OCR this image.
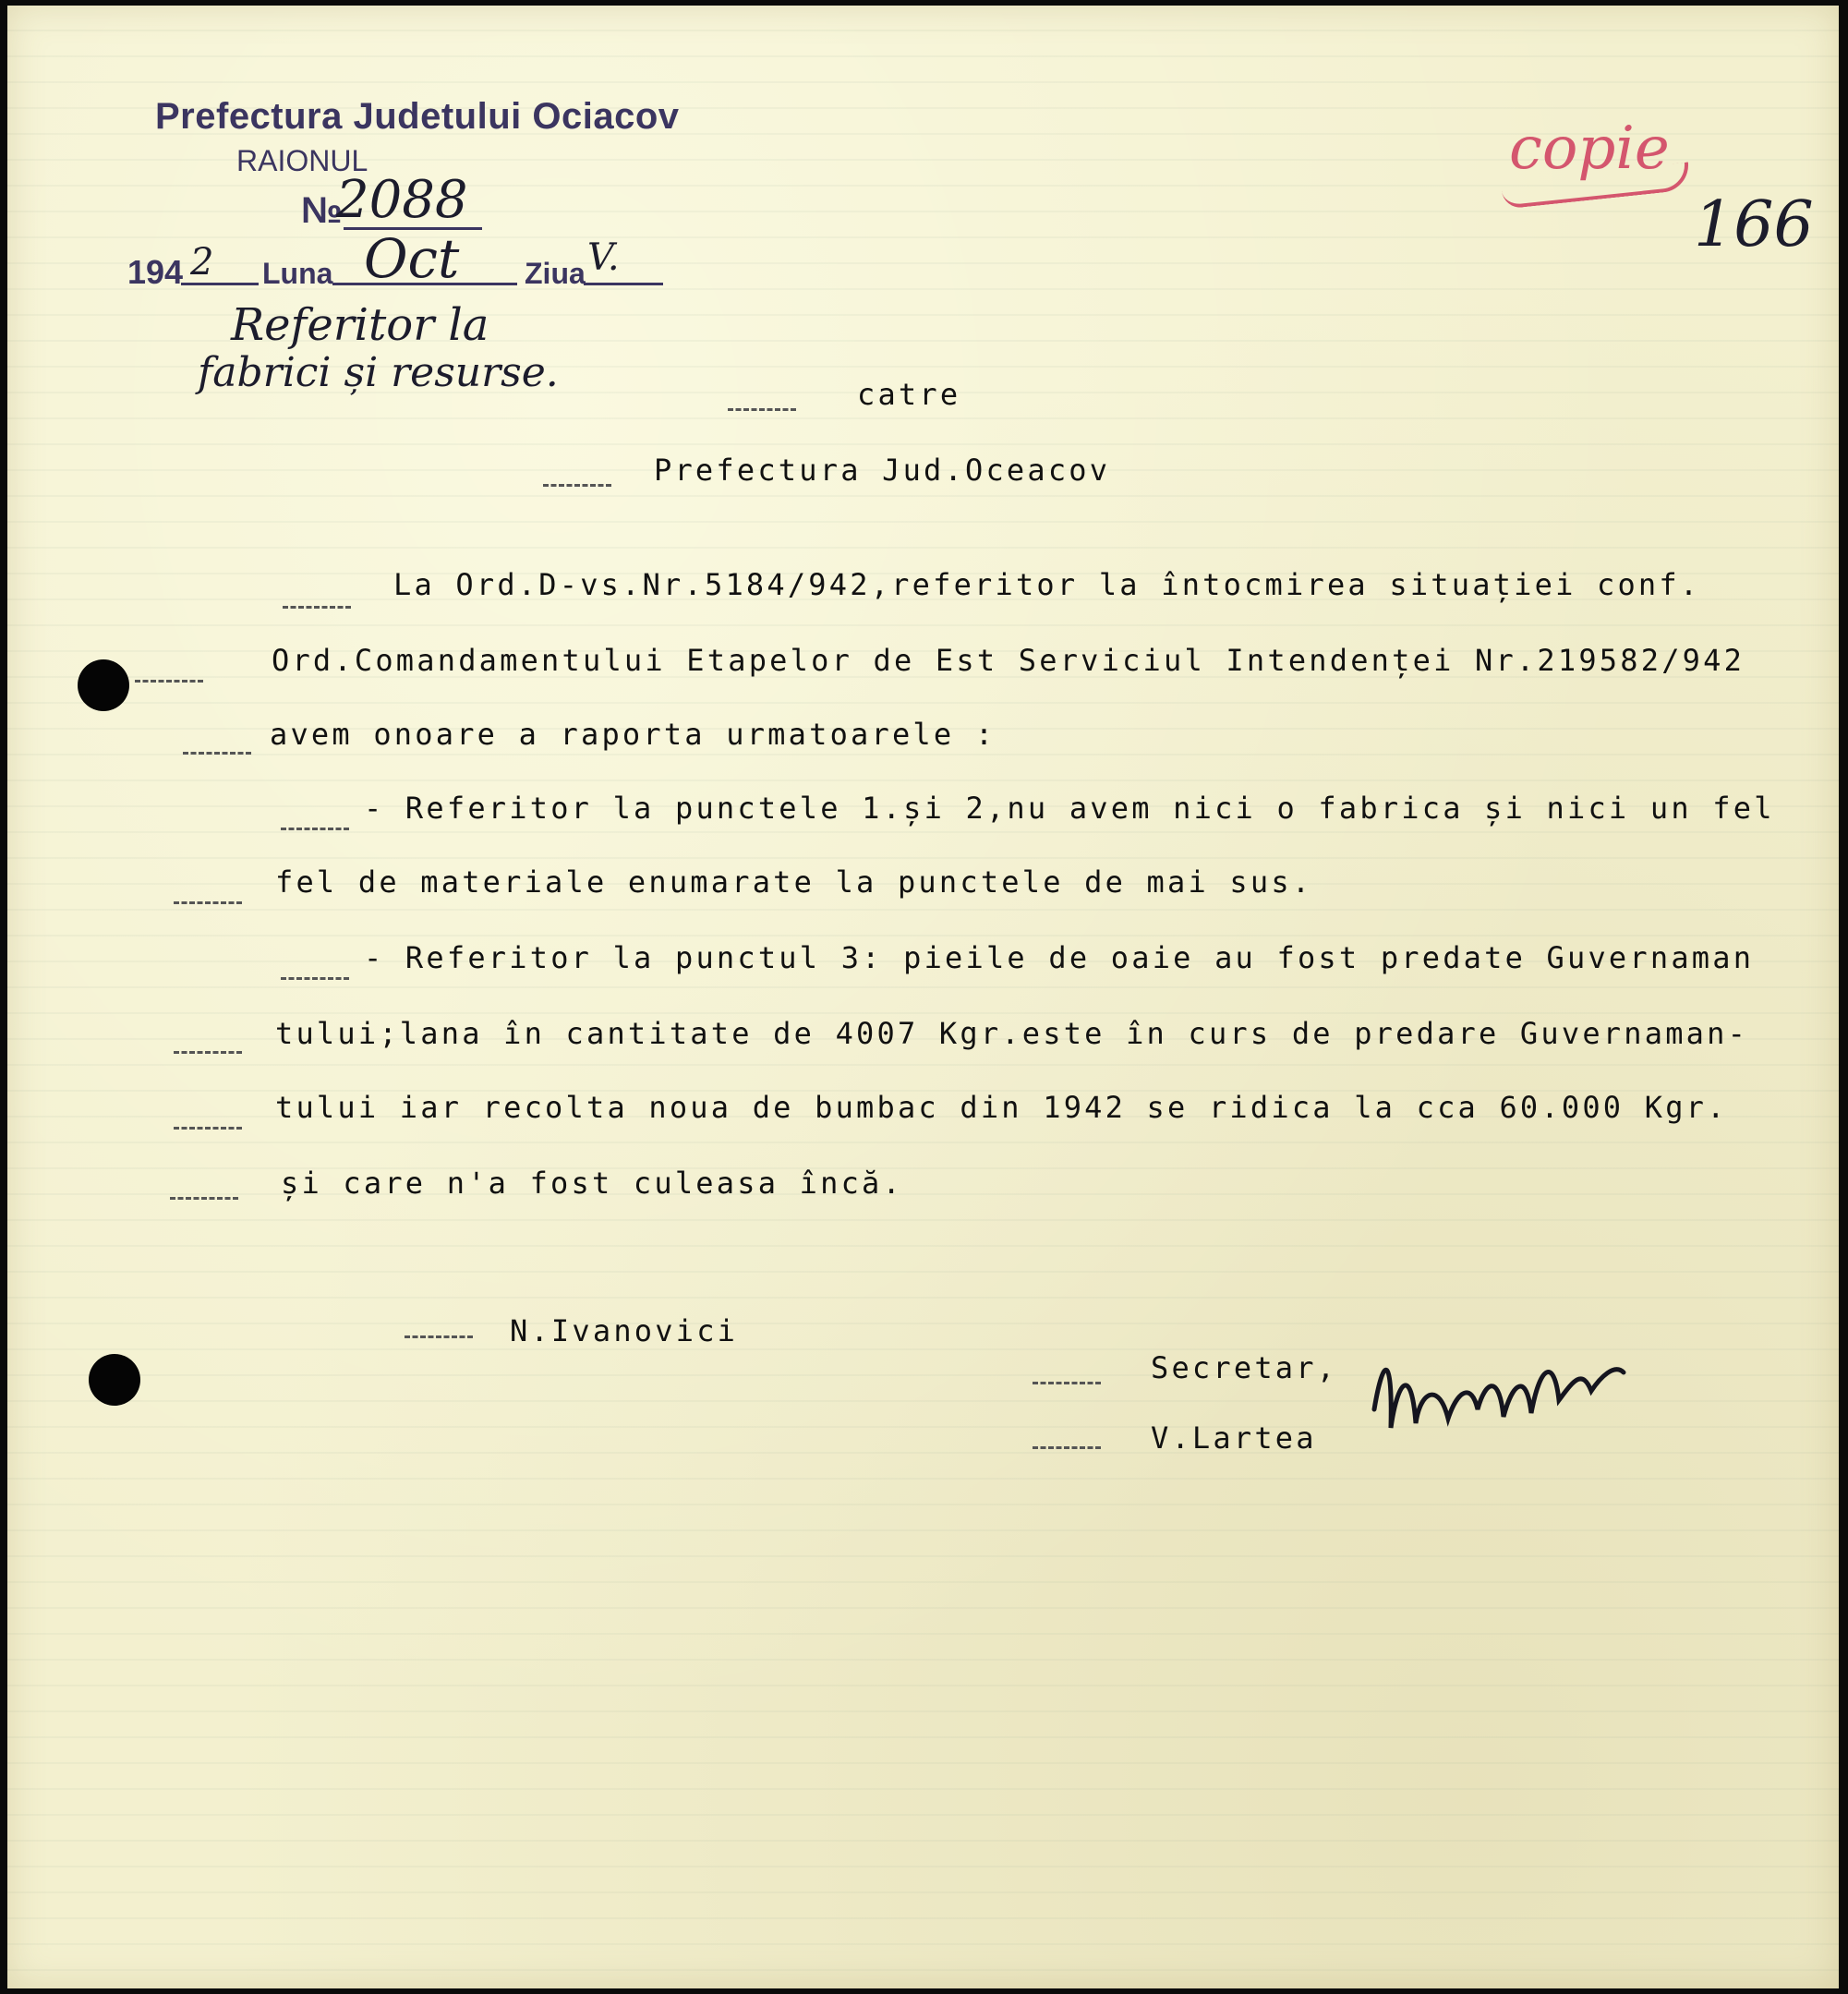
Prefectura Judetului Ociacov
RAIONUL
№
194	Luna	Ziua
2088
2	Oct	V.
Referitor la
fabrici și resurse.
166
copie
catre
Prefectura Jud.Oceacov
La Ord.D-vs.Nr.5184/942,referitor la întocmirea situației conf.
Ord.Comandamentului Etapelor de Est Serviciul Intendenței Nr.219582/942
avem onoare a raporta urmatoarele :
- Referitor la punctele 1.și 2,nu avem nici o fabrica și nici un fel
fel de materiale enumarate la punctele de mai sus.
- Referitor la punctul 3: pieile de oaie au fost predate Guvernaman
tului;lana în cantitate de 4007 Kgr.este în curs de predare Guvernaman-
tului iar recolta noua de bumbac din 1942 se ridica la cca 60.000 Kgr.
și care n'a fost culeasa încă.
N.Ivanovici
Secretar,
V.Lartea
